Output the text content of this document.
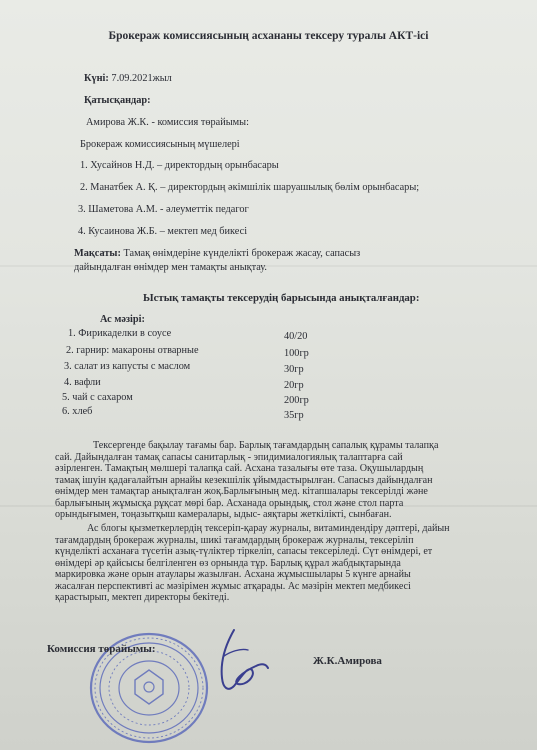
Брокераж комиссиясының асхананы тексеру туралы АКТ-ісі
Күні: 7.09.2021жыл
Қатысқандар:
Амирова Ж.К. - комиссия төрайымы:
Брокераж комиссиясының мүшелері
1. Хусайнов Н.Д. – директордың орынбасары
2. Манатбек А. Қ. – директордың әкімшілік шаруашылық бөлім орынбасары;
3. Шаметова А.М. - әлеуметтік педагог
4. Кусаинова Ж.Б. – мектеп мед бикесі
Мақсаты: Тамақ өнімдеріне күнделікті брокераж жасау, сапасыз
дайындалған өнімдер мен тамақты анықтау.
Ыстық тамақты тексерудің барысында анықталғандар:
Ас мәзірі:
1. Фирикаделки в соусе	40/20
2. гарнир: макароны отварные	100гр
3. салат из капусты с маслом	30гр
4. вафли	20гр
5. чай с сахаром	200гр
6. хлеб	35гр

Тексергенде бақылау тағамы бар. Барлық тағамдардың сапалық құрамы талапқа

сай. Дайындалған тамақ сапасы санитарлық - эпидимиалогиялық талаптарға сай

әзірленген. Тамақтың мөлшері талапқа сай. Асхана тазалығы өте таза. Оқушылардың

тамақ ішуін қадағалайтын арнайы кезекшілік ұйымдастырылған. Сапасыз дайындалған

өнімдер мен тамақтар анықталған жоқ.Барлығының мед. кітапшалары тексерілді және

барлығының жұмысқа рұқсат мөрі бар. Асханада орындық, стол және стол парта

орындығымен, тоңазытқыш камералары, ыдыс- аяқтары жеткілікті, сынбаған.

Ас блогы қызметкерлердің тексеріп-қарау журналы, витаминдендіру дәптері, дайын

тағамдардың брокераж журналы, шикі тағамдардың брокераж журналы, тексеріліп

күнделікті асханаға түсетін азық-түліктер тіркеліп, сапасы тексеріледі. Сүт өнімдері, ет

өнімдері әр қайсысы белгіленген өз орнында тұр. Барлық құрал жабдықтарында

маркировка және орын атаулары жазылған. Асхана жұмысшылары 5 күнге арнайы

жасалған перспективті ас мәзірімен жұмыс атқарады. Ас мәзірін мектеп медбикесі

қарастырып, мектеп директоры бекітеді.

Комиссия төрайымы:
Ж.К.Амирова
